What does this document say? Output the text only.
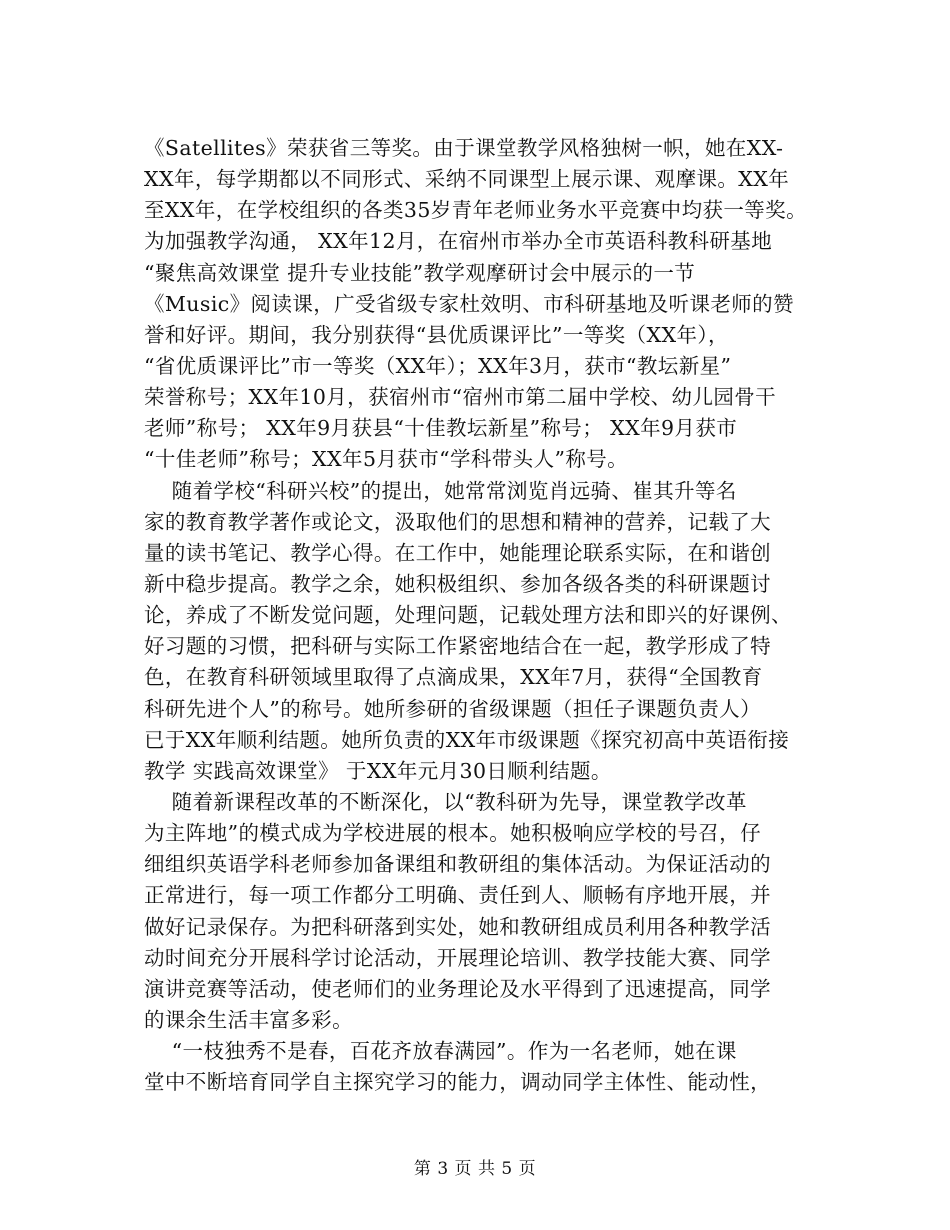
《Satellites》荣获省三等奖。由于课堂教学风格独树一帜，她在XX-
XX年，每学期都以不同形式、采纳不同课型上展示课、观摩课。XX年
至XX年，在学校组织的各类35岁青年老师业务水平竞赛中均获一等奖。
为加强教学沟通， XX年12月，在宿州市举办全市英语科教科研基地
“聚焦高效课堂 提升专业技能”教学观摩研讨会中展示的一节
《Music》阅读课，广受省级专家杜效明、市科研基地及听课老师的赞
誉和好评。期间，我分别获得“县优质课评比”一等奖（XX年），
“省优质课评比”市一等奖（XX年）；XX年3月，获市“教坛新星”
荣誉称号；XX年10月，获宿州市“宿州市第二届中学校、幼儿园骨干
老师”称号； XX年9月获县“十佳教坛新星”称号； XX年9月获市
“十佳老师”称号；XX年5月获市“学科带头人”称号。
随着学校“科研兴校”的提出，她常常浏览肖远骑、崔其升等名
家的教育教学著作或论文，汲取他们的思想和精神的营养，记载了大
量的读书笔记、教学心得。在工作中，她能理论联系实际，在和谐创
新中稳步提高。教学之余，她积极组织、参加各级各类的科研课题讨
论，养成了不断发觉问题，处理问题，记载处理方法和即兴的好课例、
好习题的习惯，把科研与实际工作紧密地结合在一起，教学形成了特
色，在教育科研领域里取得了点滴成果，XX年7月，获得“全国教育
科研先进个人”的称号。她所参研的省级课题（担任子课题负责人）
已于XX年顺利结题。她所负责的XX年市级课题《探究初高中英语衔接
教学 实践高效课堂》 于XX年元月30日顺利结题。
随着新课程改革的不断深化，以“教科研为先导，课堂教学改革
为主阵地”的模式成为学校进展的根本。她积极响应学校的号召，仔
细组织英语学科老师参加备课组和教研组的集体活动。为保证活动的
正常进行，每一项工作都分工明确、责任到人、顺畅有序地开展，并
做好记录保存。为把科研落到实处，她和教研组成员利用各种教学活
动时间充分开展科学讨论活动，开展理论培训、教学技能大赛、同学
演讲竞赛等活动，使老师们的业务理论及水平得到了迅速提高，同学
的课余生活丰富多彩。
“一枝独秀不是春，百花齐放春满园”。作为一名老师，她在课
堂中不断培育同学自主探究学习的能力，调动同学主体性、能动性，
第 3 页 共 5 页
